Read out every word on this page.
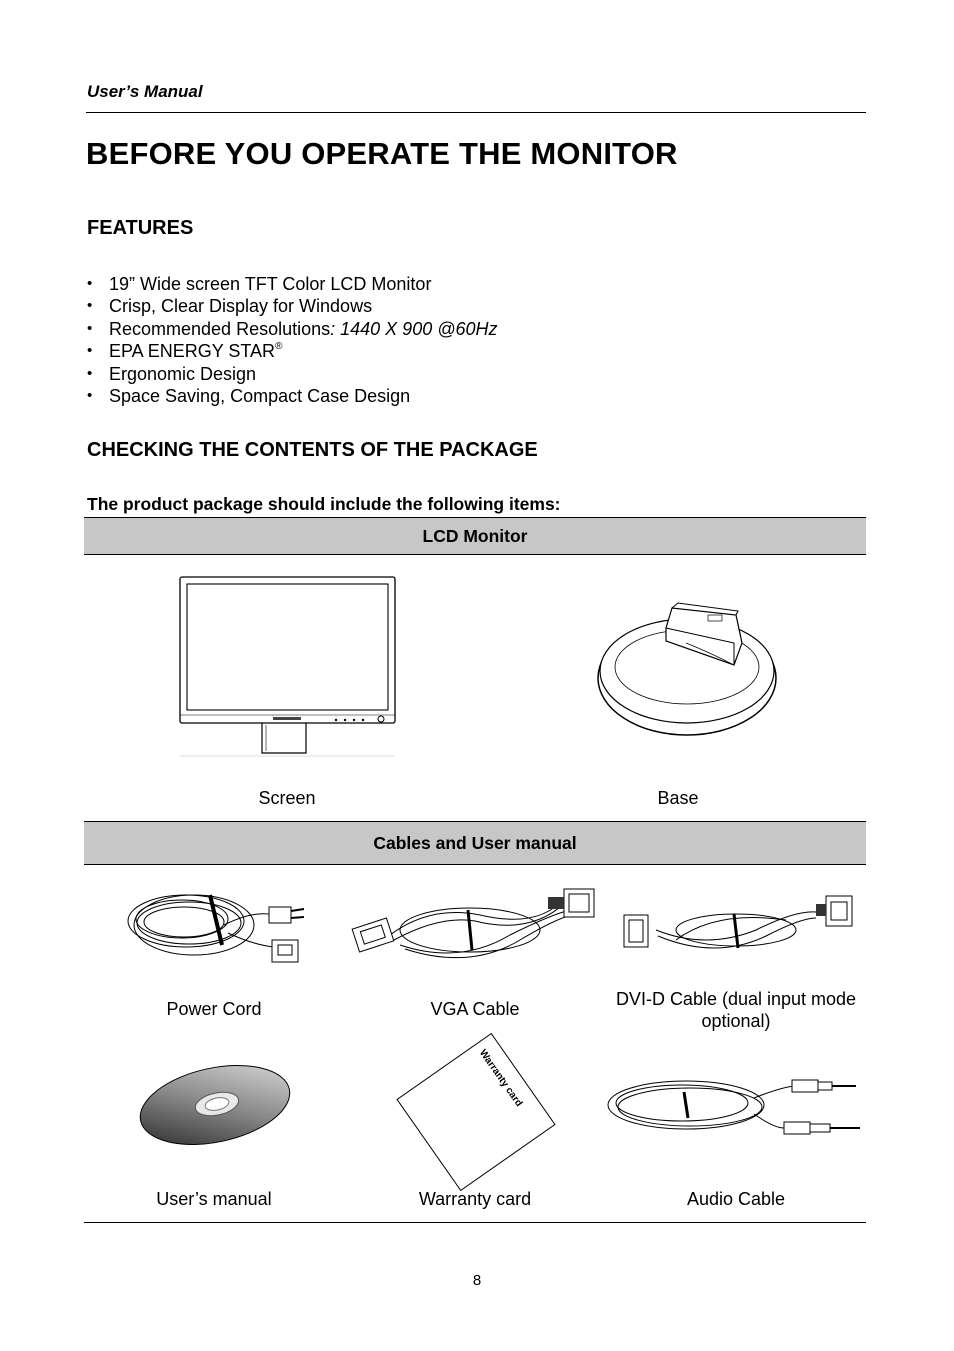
User’s Manual
BEFORE YOU OPERATE THE MONITOR
FEATURES
• 19” Wide screen TFT Color LCD Monitor
• Crisp, Clear Display for Windows
• Recommended Resolutions: 1440 X 900 @60Hz
• EPA ENERGY STAR®
• Ergonomic Design
• Space Saving, Compact Case Design
CHECKING THE CONTENTS OF THE PACKAGE
The product package should include the following items:
LCD Monitor
Screen	Base
Cables and User manual
Power Cord	VGA Cable	DVI-D Cable (dual input mode optional)
Warranty card
User’s manual	Warranty card	Audio Cable
8
